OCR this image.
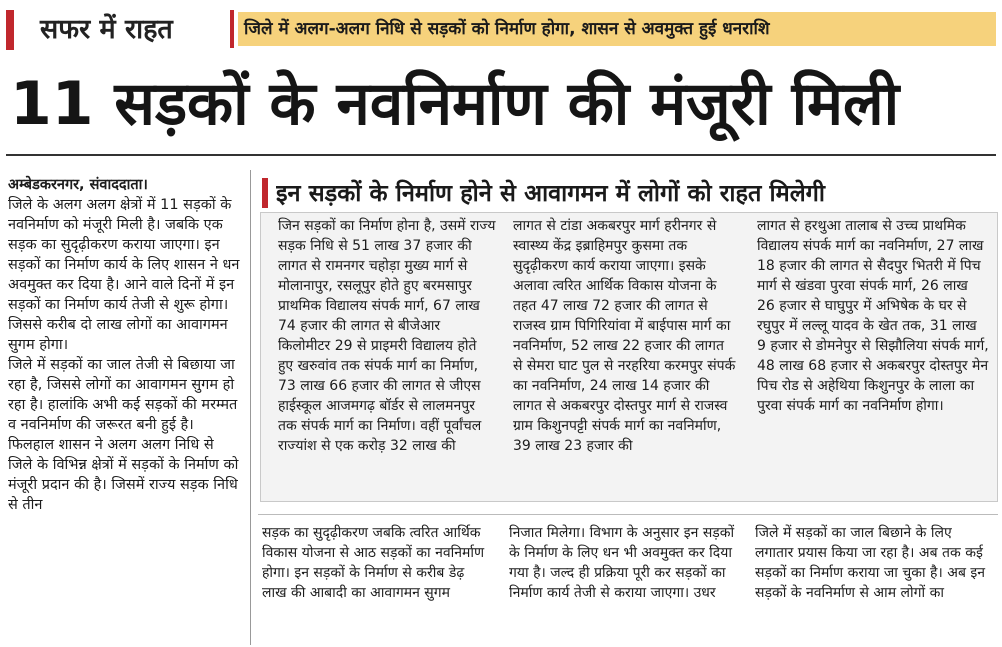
सफर में राहत	जिले में अलग-अलग निधि से सड़कों को निर्माण होगा, शासन से अवमुक्त हुई धनराशि
11 सड़कों के नवनिर्माण की मंजूरी मिली

अम्बेडकरनगर, संवाददाता।

जिले के अलग अलग क्षेत्रों में 11 सड़कों के नवनिर्माण को मंजूरी मिली है। जबकि एक सड़क का सुदृढ़ीकरण कराया जाएगा। इन सड़कों का निर्माण कार्य के लिए शासन ने धन अवमुक्त कर दिया है। आने वाले दिनों में इन सड़कों का निर्माण कार्य तेजी से शुरू होगा। जिससे करीब दो लाख लोगों का आवागमन सुगम होगा।

जिले में सड़कों का जाल तेजी से बिछाया जा रहा है, जिससे लोगों का आवागमन सुगम हो रहा है। हालांकि अभी कई सड़कों की मरम्मत व नवनिर्माण की जरूरत बनी हुई है। फिलहाल शासन ने अलग अलग निधि से जिले के विभिन्न क्षेत्रों में सड़कों के निर्माण को मंजूरी प्रदान की है। जिसमें राज्य सड़क निधि से तीन

इन सड़कों के निर्माण होने से आवागमन में लोगों को राहत मिलेगी
जिन सड़कों का निर्माण होना है, उसमें राज्य सड़क निधि से 51 लाख 37 हजार की लागत से रामनगर चहोड़ा मुख्य मार्ग से मोलानापुर, रसलूपुर होते हुए बरमसापुर प्राथमिक विद्यालय संपर्क मार्ग, 67 लाख 74 हजार की लागत से बीजेआर किलोमीटर 29 से प्राइमरी विद्यालय होते हुए खरुवांव तक संपर्क मार्ग का निर्माण, 73 लाख 66 हजार की लागत से जीएस हाईस्कूल आजमगढ़ बॉर्डर से लालमनपुर तक संपर्क मार्ग का निर्माण। वहीं पूर्वांचल राज्यांश से एक करोड़ 32 लाख की
लागत से टांडा अकबरपुर मार्ग हरीनगर से स्वास्थ्य केंद्र इब्राहिमपुर कुसमा तक सुदृढ़ीकरण कार्य कराया जाएगा। इसके अलावा त्वरित आर्थिक विकास योजना के तहत 47 लाख 72 हजार की लागत से राजस्व ग्राम पिगिरियांवा में बाईपास मार्ग का नवनिर्माण, 52 लाख 22 हजार की लागत से सेमरा घाट पुल से नरहरिया करमपुर संपर्क का नवनिर्माण, 24 लाख 14 हजार की लागत से अकबरपुर दोस्तपुर मार्ग से राजस्व ग्राम किशुनपट्टी संपर्क मार्ग का नवनिर्माण, 39 लाख 23 हजार की
लागत से हरथुआ तालाब से उच्च प्राथमिक विद्यालय संपर्क मार्ग का नवनिर्माण, 27 लाख 18 हजार की लागत से सैदपुर भितरी में पिच मार्ग से खंडवा पुरवा संपर्क मार्ग, 26 लाख 26 हजार से घाघुपुर में अभिषेक के घर से रघुपुर में लल्लू यादव के खेत तक, 31 लाख 9 हजार से डोमनेपुर से सिझौलिया संपर्क मार्ग, 48 लाख 68 हजार से अकबरपुर दोस्तपुर मेन पिच रोड से अहेथिया किशुनपुर के लाला का पुरवा संपर्क मार्ग का नवनिर्माण होगा।
सड़क का सुदृढ़ीकरण जबकि त्वरित आर्थिक विकास योजना से आठ सड़कों का नवनिर्माण होगा। इन सड़कों के निर्माण से करीब डेढ़ लाख की आबादी का आवागमन सुगम
निजात मिलेगा। विभाग के अनुसार इन सड़कों के निर्माण के लिए धन भी अवमुक्त कर दिया गया है। जल्द ही प्रक्रिया पूरी कर सड़कों का निर्माण कार्य तेजी से कराया जाएगा। उधर
जिले में सड़कों का जाल बिछाने के लिए लगातार प्रयास किया जा रहा है। अब तक कई सड़कों का निर्माण कराया जा चुका है। अब इन सड़कों के नवनिर्माण से आम लोगों का
